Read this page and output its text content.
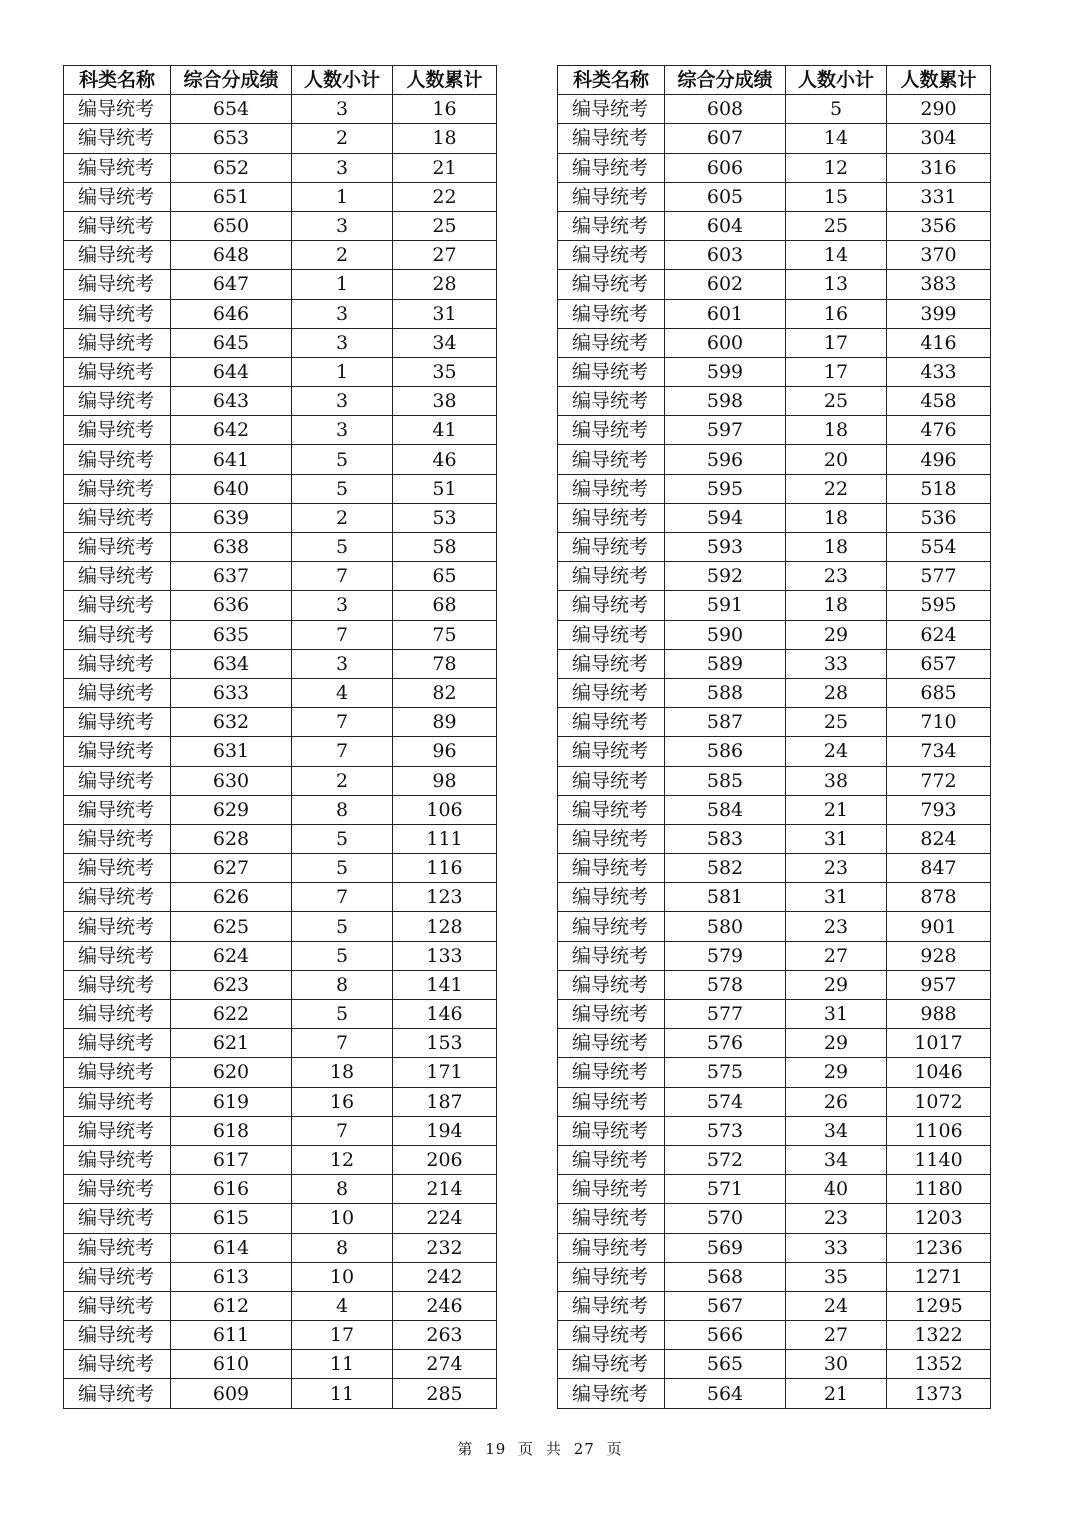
科类名称	综合分成绩	人数小计	人数累计
编导统考	654	3	16
编导统考	653	2	18
编导统考	652	3	21
编导统考	651	1	22
编导统考	650	3	25
编导统考	648	2	27
编导统考	647	1	28
编导统考	646	3	31
编导统考	645	3	34
编导统考	644	1	35
编导统考	643	3	38
编导统考	642	3	41
编导统考	641	5	46
编导统考	640	5	51
编导统考	639	2	53
编导统考	638	5	58
编导统考	637	7	65
编导统考	636	3	68
编导统考	635	7	75
编导统考	634	3	78
编导统考	633	4	82
编导统考	632	7	89
编导统考	631	7	96
编导统考	630	2	98
编导统考	629	8	106
编导统考	628	5	111
编导统考	627	5	116
编导统考	626	7	123
编导统考	625	5	128
编导统考	624	5	133
编导统考	623	8	141
编导统考	622	5	146
编导统考	621	7	153
编导统考	620	18	171
编导统考	619	16	187
编导统考	618	7	194
编导统考	617	12	206
编导统考	616	8	214
编导统考	615	10	224
编导统考	614	8	232
编导统考	613	10	242
编导统考	612	4	246
编导统考	611	17	263
编导统考	610	11	274
编导统考	609	11	285
科类名称	综合分成绩	人数小计	人数累计
编导统考	608	5	290
编导统考	607	14	304
编导统考	606	12	316
编导统考	605	15	331
编导统考	604	25	356
编导统考	603	14	370
编导统考	602	13	383
编导统考	601	16	399
编导统考	600	17	416
编导统考	599	17	433
编导统考	598	25	458
编导统考	597	18	476
编导统考	596	20	496
编导统考	595	22	518
编导统考	594	18	536
编导统考	593	18	554
编导统考	592	23	577
编导统考	591	18	595
编导统考	590	29	624
编导统考	589	33	657
编导统考	588	28	685
编导统考	587	25	710
编导统考	586	24	734
编导统考	585	38	772
编导统考	584	21	793
编导统考	583	31	824
编导统考	582	23	847
编导统考	581	31	878
编导统考	580	23	901
编导统考	579	27	928
编导统考	578	29	957
编导统考	577	31	988
编导统考	576	29	1017
编导统考	575	29	1046
编导统考	574	26	1072
编导统考	573	34	1106
编导统考	572	34	1140
编导统考	571	40	1180
编导统考	570	23	1203
编导统考	569	33	1236
编导统考	568	35	1271
编导统考	567	24	1295
编导统考	566	27	1322
编导统考	565	30	1352
编导统考	564	21	1373
第 19 页 共 27 页
